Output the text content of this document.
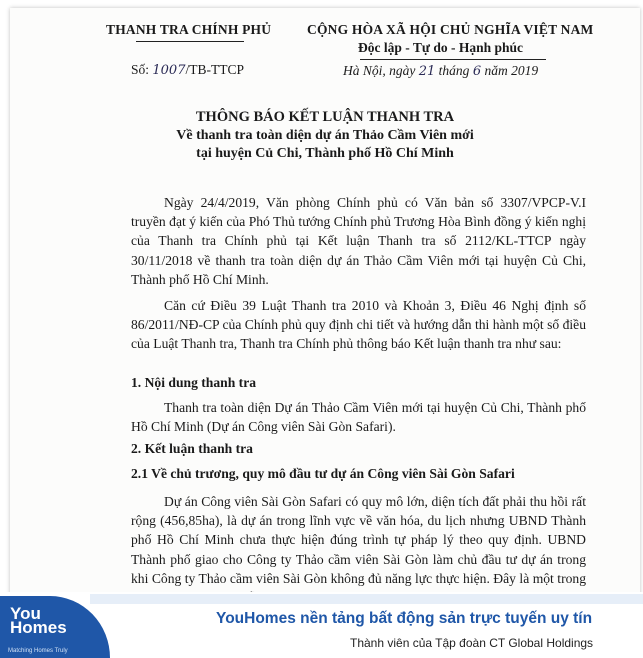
THANH TRA CHÍNH PHỦ	CỘNG HÒA XÃ HỘI CHỦ NGHĨA VIỆT NAM
Độc lập - Tự do - Hạnh phúc
Số: 1007/TB-TTCP	Hà Nội, ngày 21 tháng 6 năm 2019
THÔNG BÁO KẾT LUẬN THANH TRA
Về thanh tra toàn diện dự án Thảo Cầm Viên mới
tại huyện Củ Chi, Thành phố Hồ Chí Minh
Ngày 24/4/2019, Văn phòng Chính phủ có Văn bản số 3307/VPCP-V.I truyền đạt ý kiến của Phó Thủ tướng Chính phủ Trương Hòa Bình đồng ý kiến nghị của Thanh tra Chính phủ tại Kết luận Thanh tra số 2112/KL-TTCP ngày 30/11/2018 về thanh tra toàn diện dự án Thảo Cầm Viên mới tại huyện Củ Chi, Thành phố Hồ Chí Minh.
Căn cứ Điều 39 Luật Thanh tra 2010 và Khoản 3, Điều 46 Nghị định số 86/2011/NĐ-CP của Chính phủ quy định chi tiết và hướng dẫn thi hành một số điều của Luật Thanh tra, Thanh tra Chính phủ thông báo Kết luận thanh tra như sau:
1. Nội dung thanh tra
Thanh tra toàn diện Dự án Thảo Cầm Viên mới tại huyện Củ Chi, Thành phố Hồ Chí Minh (Dự án Công viên Sài Gòn Safari).
2. Kết luận thanh tra
2.1 Về chủ trương, quy mô đầu tư dự án Công viên Sài Gòn Safari
Dự án Công viên Sài Gòn Safari có quy mô lớn, diện tích đất phải thu hồi rất rộng (456,85ha), là dự án trong lĩnh vực về văn hóa, du lịch nhưng UBND Thành phố Hồ Chí Minh chưa thực hiện đúng trình tự pháp lý theo quy định. UBND Thành phố giao cho Công ty Thảo cầm viên Sài Gòn làm chủ đầu tư dự án trong khi Công ty Thảo cầm viên Sài Gòn không đủ năng lực thực hiện. Đây là một trong
You
Homes
Matching Homes Truly
YouHomes nền tảng bất động sản trực tuyến uy tín
Thành viên của Tập đoàn CT Global Holdings
